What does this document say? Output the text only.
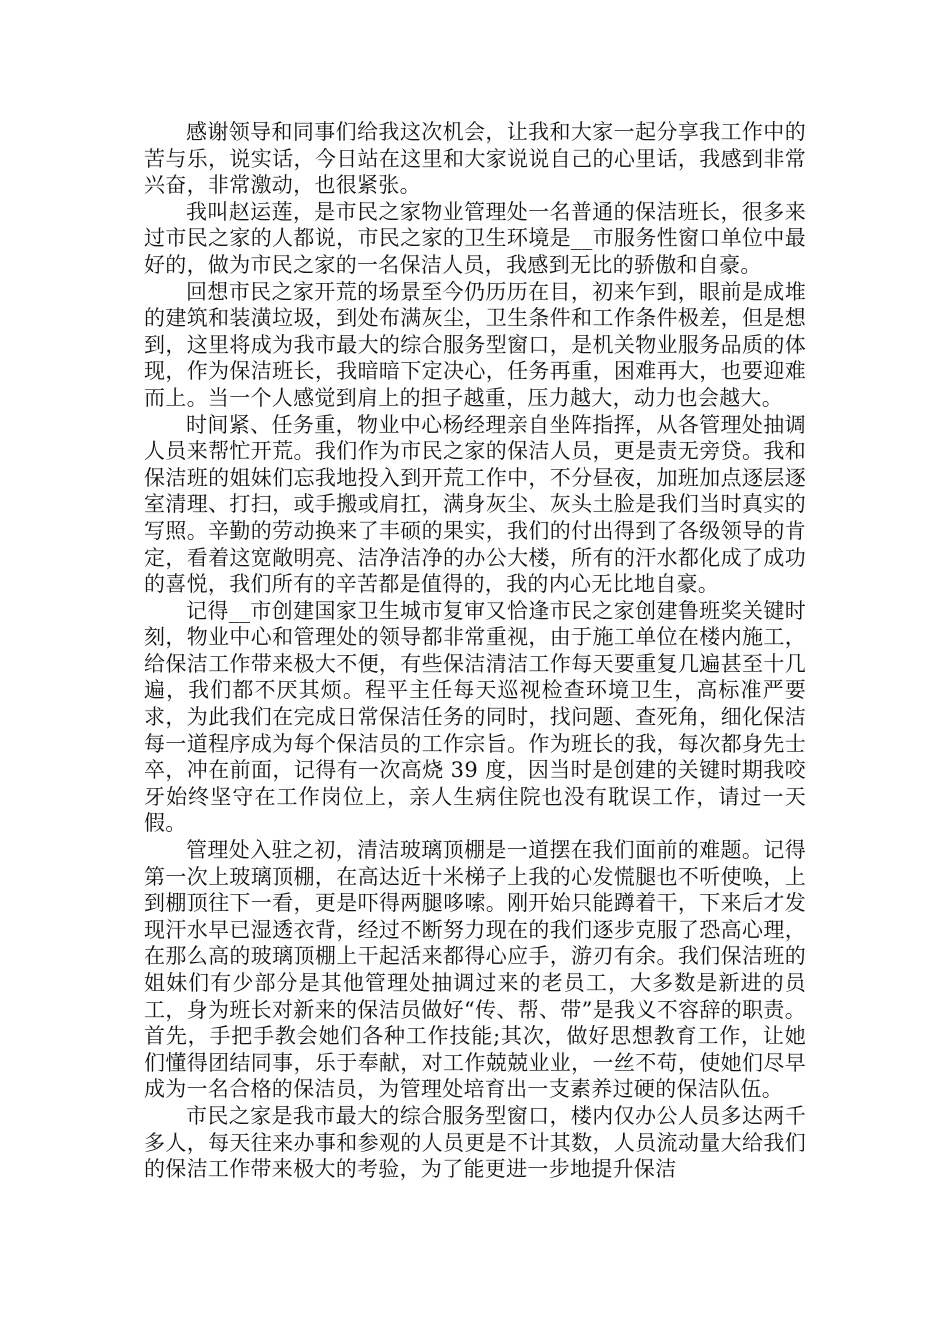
感谢领导和同事们给我这次机会，让我和大家一起分享我工作中的苦与乐，说实话，今日站在这里和大家说说自己的心里话，我感到非常兴奋，非常激动，也很紧张。

我叫赵运莲，是市民之家物业管理处一名普通的保洁班长，很多来过市民之家的人都说，市民之家的卫生环境是__市服务性窗口单位中最好的，做为市民之家的一名保洁人员，我感到无比的骄傲和自豪。

回想市民之家开荒的场景至今仍历历在目，初来乍到，眼前是成堆的建筑和装潢垃圾，到处布满灰尘，卫生条件和工作条件极差，但是想到，这里将成为我市最大的综合服务型窗口，是机关物业服务品质的体现，作为保洁班长，我暗暗下定决心，任务再重，困难再大，也要迎难而上。当一个人感觉到肩上的担子越重，压力越大，动力也会越大。

时间紧、任务重，物业中心杨经理亲自坐阵指挥，从各管理处抽调人员来帮忙开荒。我们作为市民之家的保洁人员，更是责无旁贷。我和保洁班的姐妹们忘我地投入到开荒工作中，不分昼夜，加班加点逐层逐室清理、打扫，或手搬或肩扛，满身灰尘、灰头土脸是我们当时真实的写照。辛勤的劳动换来了丰硕的果实，我们的付出得到了各级领导的肯定，看着这宽敞明亮、洁净洁净的办公大楼，所有的汗水都化成了成功的喜悦，我们所有的辛苦都是值得的，我的内心无比地自豪。

记得__市创建国家卫生城市复审又恰逢市民之家创建鲁班奖关键时刻，物业中心和管理处的领导都非常重视，由于施工单位在楼内施工，给保洁工作带来极大不便，有些保洁清洁工作每天要重复几遍甚至十几遍，我们都不厌其烦。程平主任每天巡视检查环境卫生，高标准严要求，为此我们在完成日常保洁任务的同时，找问题、查死角，细化保洁每一道程序成为每个保洁员的工作宗旨。作为班长的我，每次都身先士卒，冲在前面，记得有一次高烧 39 度，因当时是创建的关键时期我咬牙始终坚守在工作岗位上，亲人生病住院也没有耽误工作，请过一天假。

管理处入驻之初，清洁玻璃顶棚是一道摆在我们面前的难题。记得第一次上玻璃顶棚，在高达近十米梯子上我的心发慌腿也不听使唤，上到棚顶往下一看，更是吓得两腿哆嗦。刚开始只能蹲着干，下来后才发现汗水早已湿透衣背，经过不断努力现在的我们逐步克服了恐高心理，在那么高的玻璃顶棚上干起活来都得心应手，游刃有余。我们保洁班的姐妹们有少部分是其他管理处抽调过来的老员工，大多数是新进的员工，身为班长对新来的保洁员做好“传、帮、带”是我义不容辞的职责。首先，手把手教会她们各种工作技能;其次，做好思想教育工作，让她们懂得团结同事，乐于奉献，对工作兢兢业业，一丝不苟，使她们尽早成为一名合格的保洁员，为管理处培育出一支素养过硬的保洁队伍。

市民之家是我市最大的综合服务型窗口，楼内仅办公人员多达两千多人，每天往来办事和参观的人员更是不计其数，人员流动量大给我们的保洁工作带来极大的考验，为了能更进一步地提升保洁
